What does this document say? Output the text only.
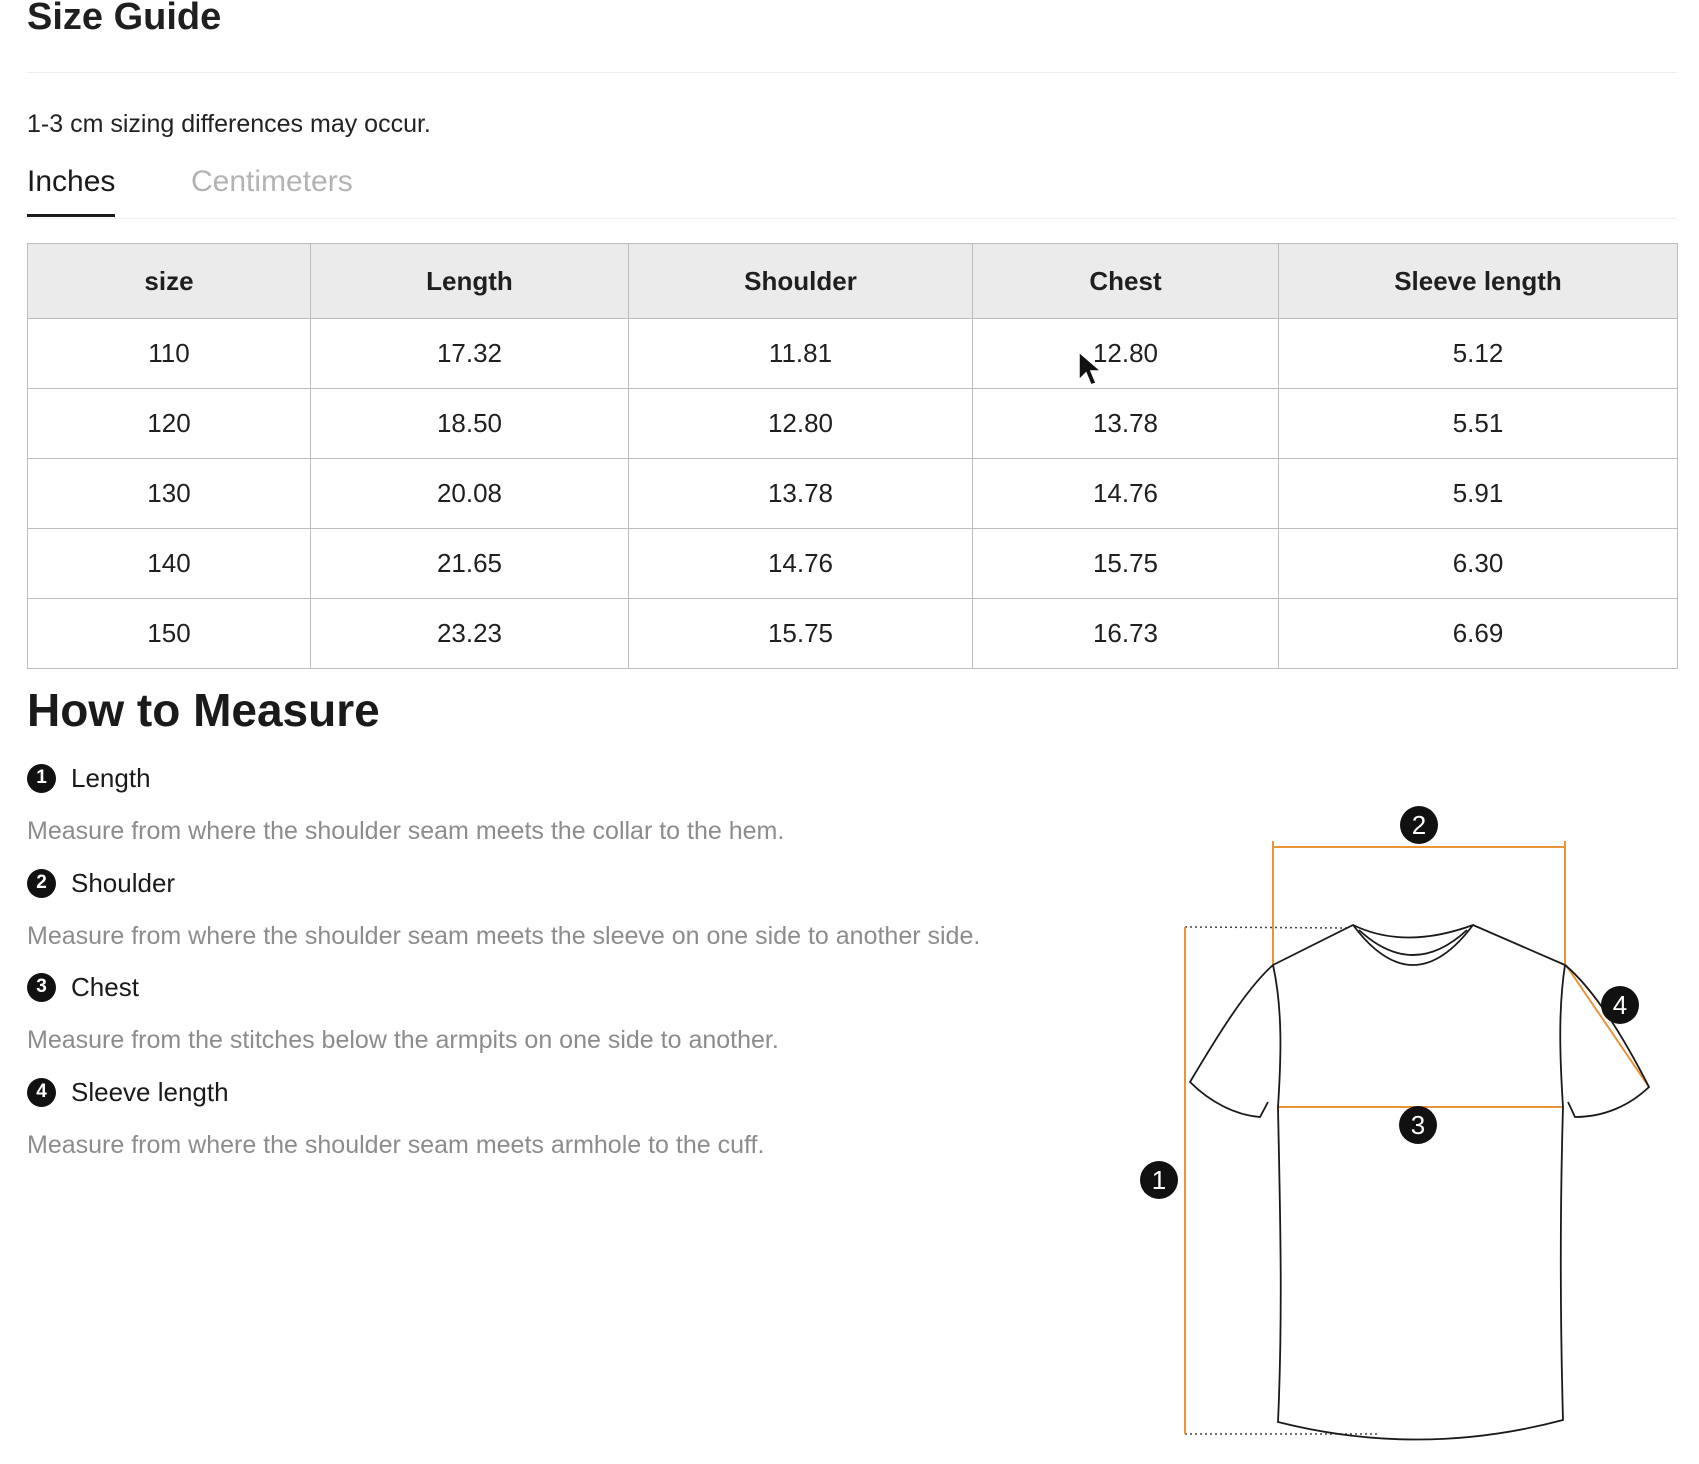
Size Guide
1-3 cm sizing differences may occur.
Inches	Centimeters
size	Length	Shoulder	Chest	Sleeve length
110	17.32	11.81	12.80	5.12
120	18.50	12.80	13.78	5.51
130	20.08	13.78	14.76	5.91
140	21.65	14.76	15.75	6.30
150	23.23	15.75	16.73	6.69
How to Measure
1 Length
Measure from where the shoulder seam meets the collar to the hem.
2 Shoulder
Measure from where the shoulder seam meets the sleeve on one side to another side.
3 Chest
Measure from the stitches below the armpits on one side to another.
4 Sleeve length
Measure from where the shoulder seam meets armhole to the cuff.
2
4
3
1
